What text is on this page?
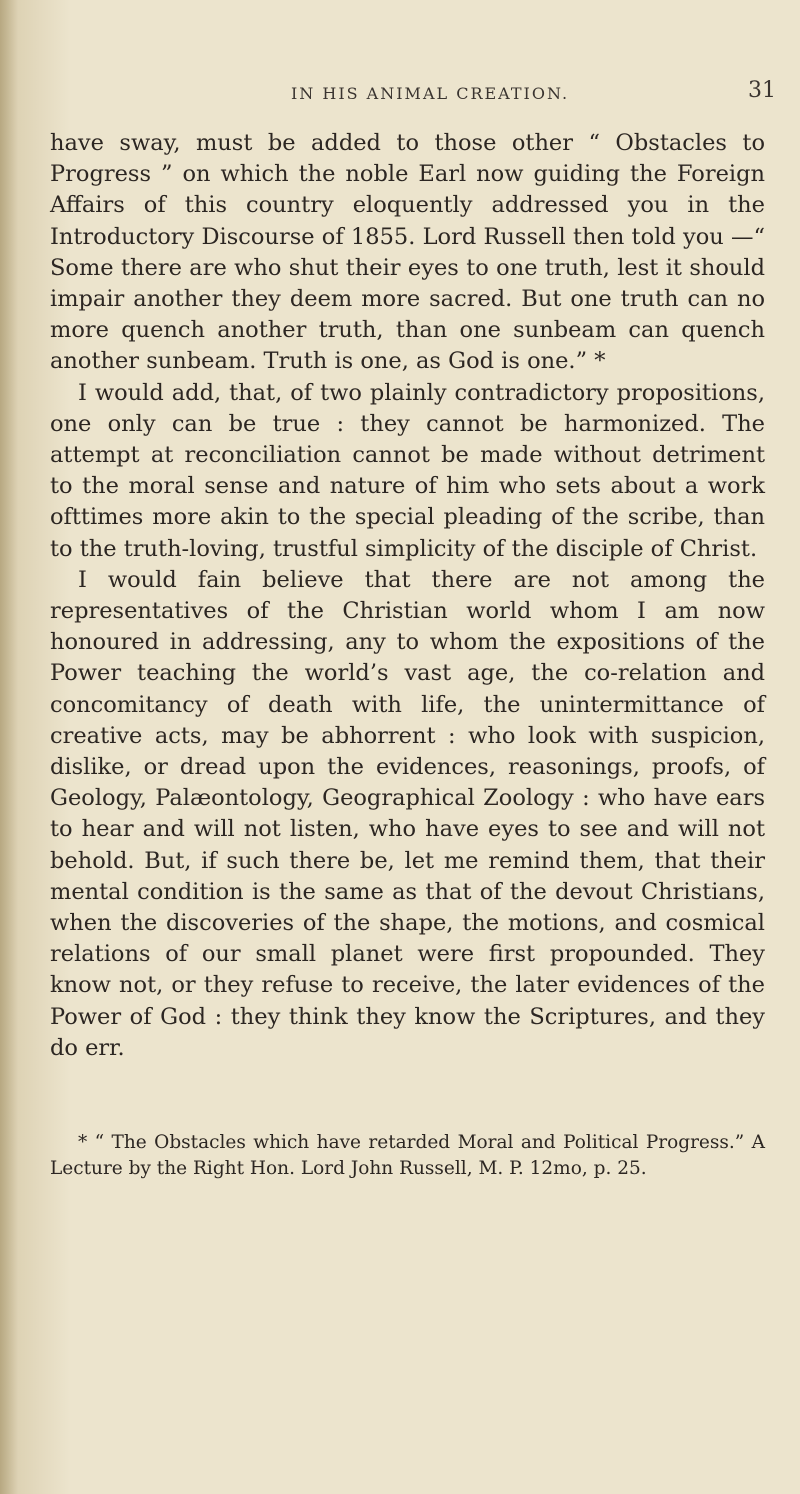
IN HIS ANIMAL CREATION.	31

have sway, must be added to those other “ Obstacles to Progress ” on which the noble Earl now guiding the Foreign Affairs of this country eloquently addressed you in the Introductory Discourse of 1855. Lord Russell then told you —“ Some there are who shut their eyes to one truth, lest it should impair another they deem more sacred. But one truth can no more quench another truth, than one sunbeam can quench another sunbeam. Truth is one, as God is one.” *

I would add, that, of two plainly contradictory propositions, one only can be true : they cannot be harmonized. The attempt at reconciliation cannot be made without detriment to the moral sense and nature of him who sets about a work ofttimes more akin to the special pleading of the scribe, than to the truth-loving, trustful simplicity of the disciple of Christ.

I would fain believe that there are not among the representatives of the Christian world whom I am now honoured in addressing, any to whom the expositions of the Power teaching the world’s vast age, the co-relation and concomitancy of death with life, the unintermittance of creative acts, may be abhorrent : who look with suspicion, dislike, or dread upon the evidences, reasonings, proofs, of Geology, Palæontology, Geographical Zoology : who have ears to hear and will not listen, who have eyes to see and will not behold. But, if such there be, let me remind them, that their mental condition is the same as that of the devout Christians, when the discoveries of the shape, the motions, and cosmical relations of our small planet were first propounded. They know not, or they refuse to receive, the later evidences of the Power of God : they think they know the Scriptures, and they do err.

* “ The Obstacles which have retarded Moral and Political Progress.” A Lecture by the Right Hon. Lord John Russell, M. P. 12mo, p. 25.
